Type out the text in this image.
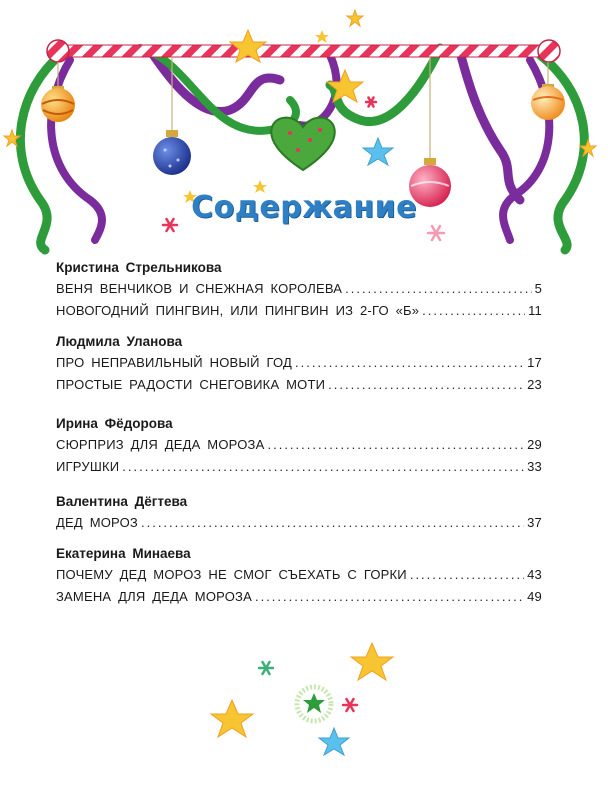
Содержание
Кристина Стрельникова
ВЕНЯ ВЕНЧИКОВ И СНЕЖНАЯ КОРОЛЕВА .....	5
НОВОГОДНИЙ ПИНГВИН, ИЛИ ПИНГВИН ИЗ 2-ГО «Б» .....	11
Людмила Уланова
ПРО НЕПРАВИЛЬНЫЙ НОВЫЙ ГОД .....	17
ПРОСТЫЕ РАДОСТИ СНЕГОВИКА МОТИ .....	23
Ирина Фёдорова
СЮРПРИЗ ДЛЯ ДЕДА МОРОЗА .....	29
ИГРУШКИ .....	33
Валентина Дёгтева
ДЕД МОРОЗ .....	37
Екатерина Минаева
ПОЧЕМУ ДЕД МОРОЗ НЕ СМОГ СЪЕХАТЬ С ГОРКИ .....	43
ЗАМЕНА ДЛЯ ДЕДА МОРОЗА .....	49
